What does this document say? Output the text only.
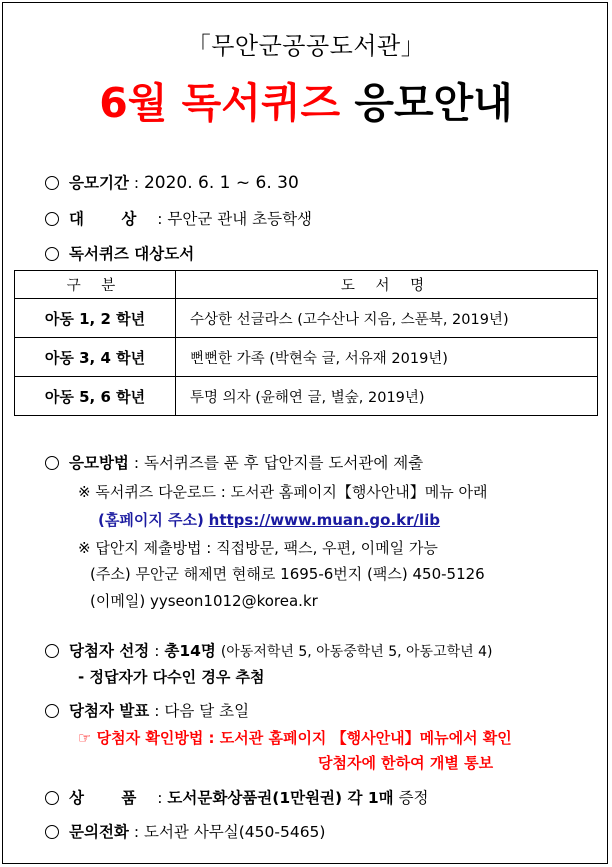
「무안군공공도서관」
6월 독서퀴즈 응모안내
응모기간 : 2020. 6. 1 ~ 6. 30
대 상 : 무안군 관내 초등학생
독서퀴즈 대상도서
구 분	도 서 명
아동 1, 2 학년	수상한 선글라스 (고수산나 지음, 스푼북, 2019년)
아동 3, 4 학년	뻔뻔한 가족 (박현숙 글, 서유재 2019년)
아동 5, 6 학년	투명 의자 (윤해연 글, 별숲, 2019년)
응모방법 : 독서퀴즈를 푼 후 답안지를 도서관에 제출
※ 독서퀴즈 다운로드 : 도서관 홈페이지【행사안내】메뉴 아래
(홈페이지 주소) https://www.muan.go.kr/lib
※ 답안지 제출방법 : 직접방문, 팩스, 우편, 이메일 가능
(주소) 무안군 해제면 현해로 1695-6번지 (팩스) 450-5126
(이메일) yyseon1012@korea.kr
당첨자 선정 : 총14명 (아동저학년 5, 아동중학년 5, 아동고학년 4)
- 정답자가 다수인 경우 추첨
당첨자 발표 : 다음 달 초일
☞ 당첨자 확인방법 : 도서관 홈페이지 【행사안내】메뉴에서 확인
당첨자에 한하여 개별 통보
상 품 : 도서문화상품권(1만원권) 각 1매 증정
문의전화 : 도서관 사무실(450-5465)
